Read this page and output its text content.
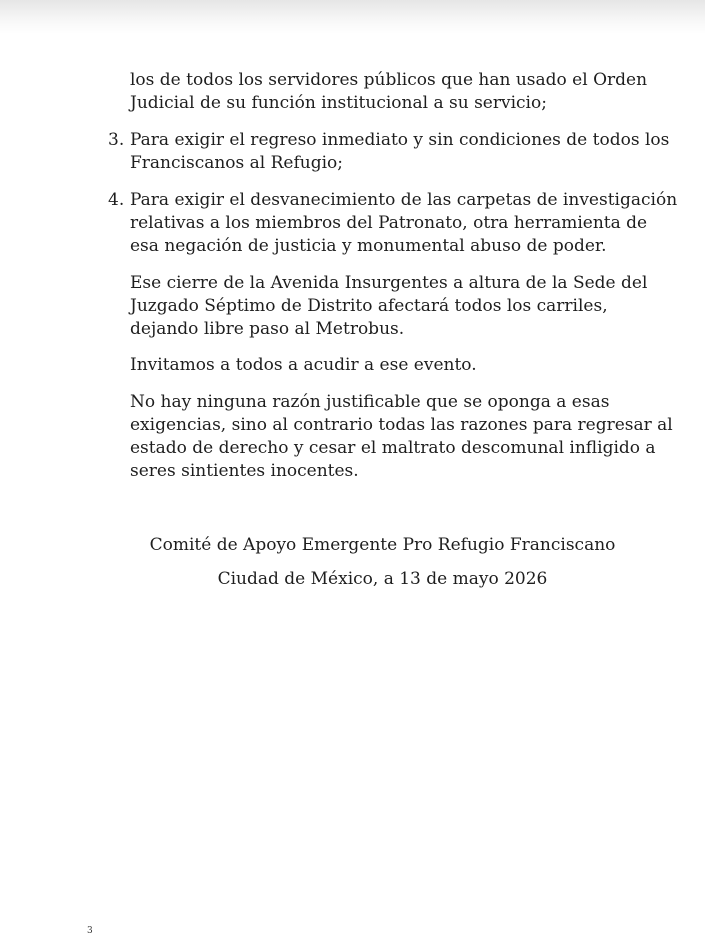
los de todos los servidores públicos que han usado el Orden
Judicial de su función institucional a su servicio;

3. Para exigir el regreso inmediato y sin condiciones de todos los
Franciscanos al Refugio;

4. Para exigir el desvanecimiento de las carpetas de investigación
relativas a los miembros del Patronato, otra herramienta de
esa negación de justicia y monumental abuso de poder.

Ese cierre de la Avenida Insurgentes a altura de la Sede del
Juzgado Séptimo de Distrito afectará todos los carriles,
dejando libre paso al Metrobus.

Invitamos a todos a acudir a ese evento.

No hay ninguna razón justificable que se oponga a esas
exigencias, sino al contrario todas las razones para regresar al
estado de derecho y cesar el maltrato descomunal infligido a
seres sintientes inocentes.

Comité de Apoyo Emergente Pro Refugio Franciscano

Ciudad de México, a 13 de mayo 2026

3
